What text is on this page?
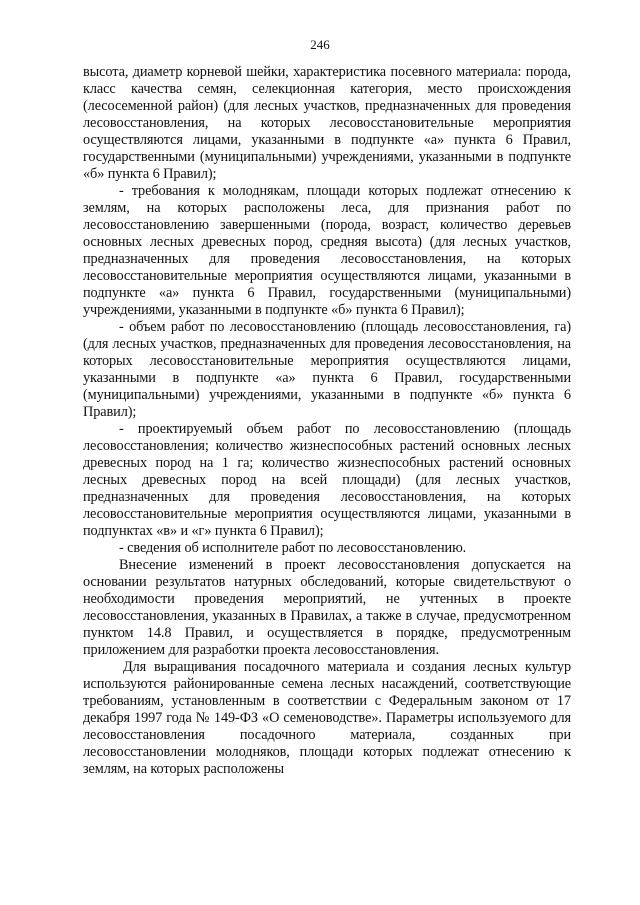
246

высота, диаметр корневой шейки, характеристика посевного материала: порода, класс качества семян, селекционная категория, место происхождения (лесосеменной район) (для лесных участков, предназначенных для проведения лесовосстановления, на которых лесовосстановительные мероприятия осуществляются лицами, указанными в подпункте «а» пункта 6 Правил, государственными (муниципальными) учреждениями, указанными в подпункте «б» пункта 6 Правил);

- требования к молоднякам, площади которых подлежат отнесению к землям, на которых расположены леса, для признания работ по лесовосстановлению завершенными (порода, возраст, количество деревьев основных лесных древесных пород, средняя высота) (для лесных участков, предназначенных для проведения лесовосстановления, на которых лесовосстановительные мероприятия осуществляются лицами, указанными в подпункте «а» пункта 6 Правил, государственными (муниципальными) учреждениями, указанными в подпункте «б» пункта 6 Правил);

- объем работ по лесовосстановлению (площадь лесовосстановления, га) (для лесных участков, предназначенных для проведения лесовосстановления, на которых лесовосстановительные мероприятия осуществляются лицами, указанными в подпункте «а» пункта 6 Правил, государственными (муниципальными) учреждениями, указанными в подпункте «б» пункта 6 Правил);

- проектируемый объем работ по лесовосстановлению (площадь лесовосстановления; количество жизнеспособных растений основных лесных древесных пород на 1 га; количество жизнеспособных растений основных лесных древесных пород на всей площади) (для лесных участков, предназначенных для проведения лесовосстановления, на которых лесовосстановительные мероприятия осуществляются лицами, указанными в подпунктах «в» и «г» пункта 6 Правил);

- сведения об исполнителе работ по лесовосстановлению.

Внесение изменений в проект лесовосстановления допускается на основании результатов натурных обследований, которые свидетельствуют о необходимости проведения мероприятий, не учтенных в проекте лесовосстановления, указанных в Правилах, а также в случае, предусмотренном пунктом 14.8 Правил, и осуществляется в порядке, предусмотренным приложением для разработки проекта лесовосстановления.

Для выращивания посадочного материала и создания лесных культур используются районированные семена лесных насаждений, соответствующие требованиям, установленным в соответствии с Федеральным законом от 17 декабря 1997 года № 149-ФЗ «О семеноводстве». Параметры используемого для лесовосстановления посадочного материала, созданных при лесовосстановлении молодняков, площади которых подлежат отнесению к землям, на которых расположены
